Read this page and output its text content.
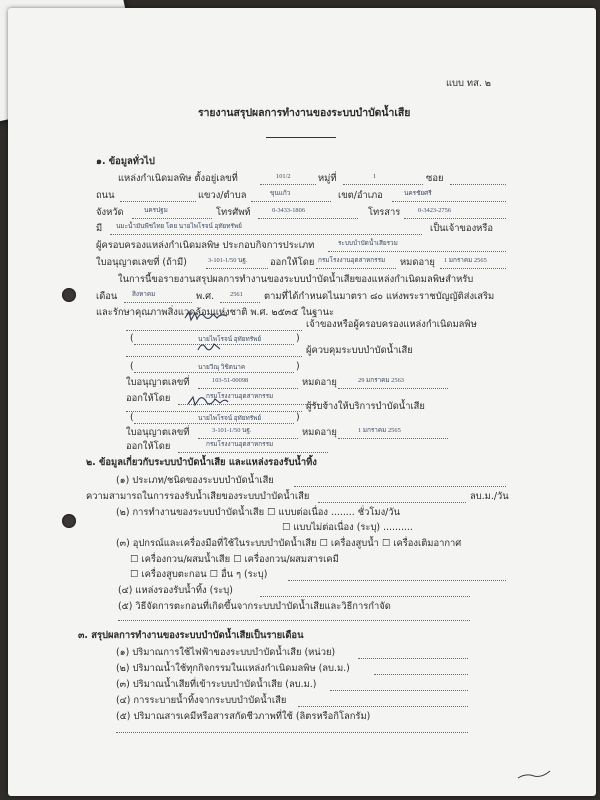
แบบ ทส. ๒
รายงานสรุปผลการทำงานของระบบบำบัดน้ำเสีย
๑. ข้อมูลทั่วไป
แหล่งกำเนิดมลพิษ ตั้งอยู่เลขที่	101/2	หมู่ที่	1	ซอย
ถนน	แขวง/ตำบล	ขุนแก้ว	เขต/อำเภอ	นครชัยศรี
จังหวัด	นครปฐม	โทรศัพท์	0-3433-1806	โทรสาร	0-3423-2756
มี นมะน้ำมันพืชไทย โดย นายไพโรจน์ อุทัยทรัพย์	เป็นเจ้าของหรือ
ผู้ครอบครองแหล่งกำเนิดมลพิษ ประกอบกิจการประเภท	ระบบบำบัดน้ำเสียรวม
ใบอนุญาตเลขที่ (ถ้ามี)	3-101-1/50 นฐ. ออกให้โดย กรมโรงงานอุตสาหกรรม หมดอายุ 1 มกราคม 2565
ในการนี้ขอรายงานสรุปผลการทำงานของระบบบำบัดน้ำเสียของแหล่งกำเนิดมลพิษสำหรับ
เดือน สิงหาคม	พ.ศ. 2561 ตามที่ได้กำหนดไนมาตรา ๘๐ แห่งพระราชบัญญัติส่งเสริม
และรักษาคุณภาพสิ่งแวดล้อมแห่งชาติ พ.ศ. ๒๕๓๕ ในฐานะ
เจ้าของหรือผู้ครอบครองแหล่งกำเนิดมลพิษ
(	นายไพโรจน์ อุทัยทรัพย์	)
ผู้ควบคุมระบบบำบัดน้ำเสีย
(	นายวีณุ วิชิตนาค	)
ใบอนุญาตเลขที่	103-51-00098	หมดอายุ	29 มกราคม 2563
ออกให้โดย	กรมโรงงานอุตสาหกรรม
ผู้รับจ้างให้บริการบำบัดน้ำเสีย
(	นายไพโรจน์ อุทัยทรัพย์	)
ใบอนุญาตเลขที่	3-101-1/50 นฐ.	หมดอายุ	1 มกราคม 2565
ออกให้โดย	กรมโรงงานอุตสาหกรรม
๒. ข้อมูลเกี่ยวกับระบบบำบัดน้ำเสีย และแหล่งรองรับน้ำทิ้ง
(๑) ประเภท/ชนิดของระบบบำบัดน้ำเสีย
ความสามารถในการรองรับน้ำเสียของระบบบำบัดน้ำเสีย	ลบ.ม./วัน
(๒) การทำงานของระบบบำบัดน้ำเสีย ☐ แบบต่อเนื่อง ........ ชั่วโมง/วัน
☐ แบบไม่ต่อเนื่อง (ระบุ) ..........
(๓) อุปกรณ์และเครื่องมือที่ใช้ในระบบบำบัดน้ำเสีย ☐ เครื่องสูบน้ำ ☐ เครื่องเติมอากาศ
☐ เครื่องกวน/ผสมน้ำเสีย ☐ เครื่องกวน/ผสมสารเคมี
☐ เครื่องสูบตะกอน ☐ อื่น ๆ (ระบุ)
(๔) แหล่งรองรับน้ำทิ้ง (ระบุ)
(๕) วิธีจัดการตะกอนที่เกิดขึ้นจากระบบบำบัดน้ำเสียและวิธีการกำจัด
๓. สรุปผลการทำงานของระบบบำบัดน้ำเสียเป็นรายเดือน
(๑) ปริมาณการใช้ไฟฟ้าของระบบบำบัดน้ำเสีย (หน่วย)
(๒) ปริมาณน้ำใช้ทุกกิจกรรมในแหล่งกำเนิดมลพิษ (ลบ.ม.)
(๓) ปริมาณน้ำเสียที่เข้าระบบบำบัดน้ำเสีย (ลบ.ม.)
(๔) การระบายน้ำทิ้งจากระบบบำบัดน้ำเสีย
(๕) ปริมาณสารเคมีหรือสารสกัดชีวภาพที่ใช้ (ลิตรหรือกิโลกรัม)
